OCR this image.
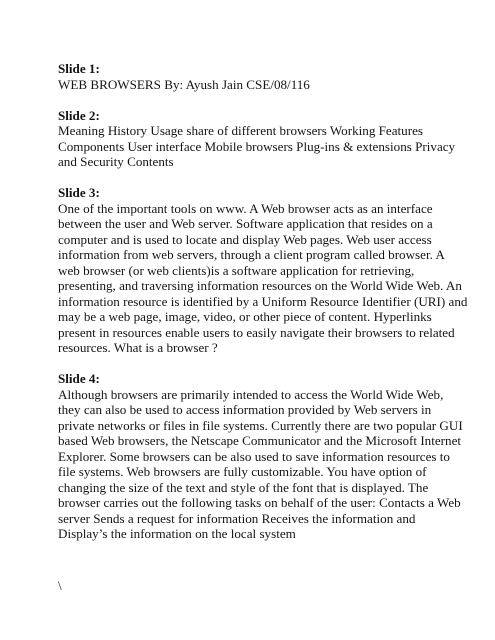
Slide 1:
WEB BROWSERS By: Ayush Jain CSE/08/116
Slide 2:
Meaning History Usage share of different browsers Working Features Components User interface Mobile browsers Plug-ins & extensions Privacy and Security Contents
Slide 3:
One of the important tools on www. A Web browser acts as an interface between the user and Web server. Software application that resides on a computer and is used to locate and display Web pages. Web user access information from web servers, through a client program called browser. A web browser (or web clients)is a software application for retrieving, presenting, and traversing information resources on the World Wide Web. An information resource is identified by a Uniform Resource Identifier (URI) and may be a web page, image, video, or other piece of content. Hyperlinks present in resources enable users to easily navigate their browsers to related resources. What is a browser ?
Slide 4:
Although browsers are primarily intended to access the World Wide Web, they can also be used to access information provided by Web servers in private networks or files in file systems. Currently there are two popular GUI based Web browsers, the Netscape Communicator and the Microsoft Internet Explorer. Some browsers can be also used to save information resources to file systems. Web browsers are fully customizable. You have option of changing the size of the text and style of the font that is displayed. The browser carries out the following tasks on behalf of the user: Contacts a Web server Sends a request for information Receives the information and Display’s the information on the local system
\
